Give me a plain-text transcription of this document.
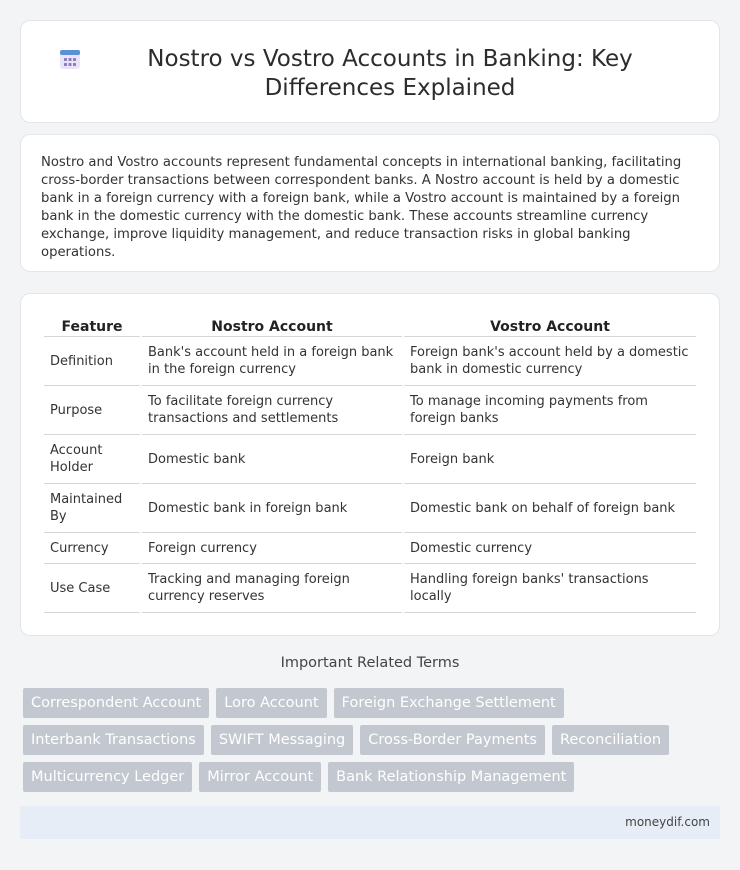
Nostro vs Vostro Accounts in Banking: Key Differences Explained

Nostro and Vostro accounts represent fundamental concepts in international banking, facilitating cross-border transactions between correspondent banks. A Nostro account is held by a domestic bank in a foreign currency with a foreign bank, while a Vostro account is maintained by a foreign bank in the domestic currency with the domestic bank. These accounts streamline currency exchange, improve liquidity management, and reduce transaction risks in global banking operations.

Feature	Nostro Account	Vostro Account
Definition	Bank's account held in a foreign bank in the foreign currency	Foreign bank's account held by a domestic bank in domestic currency
Purpose	To facilitate foreign currency transactions and settlements	To manage incoming payments from foreign banks
Account Holder	Domestic bank	Foreign bank
Maintained By	Domestic bank in foreign bank	Domestic bank on behalf of foreign bank
Currency	Foreign currency	Domestic currency
Use Case	Tracking and managing foreign currency reserves	Handling foreign banks' transactions locally
Important Related Terms
Correspondent Account	Loro Account	Foreign Exchange Settlement
Interbank Transactions	SWIFT Messaging	Cross-Border Payments	Reconciliation
Multicurrency Ledger	Mirror Account	Bank Relationship Management
moneydif.com
